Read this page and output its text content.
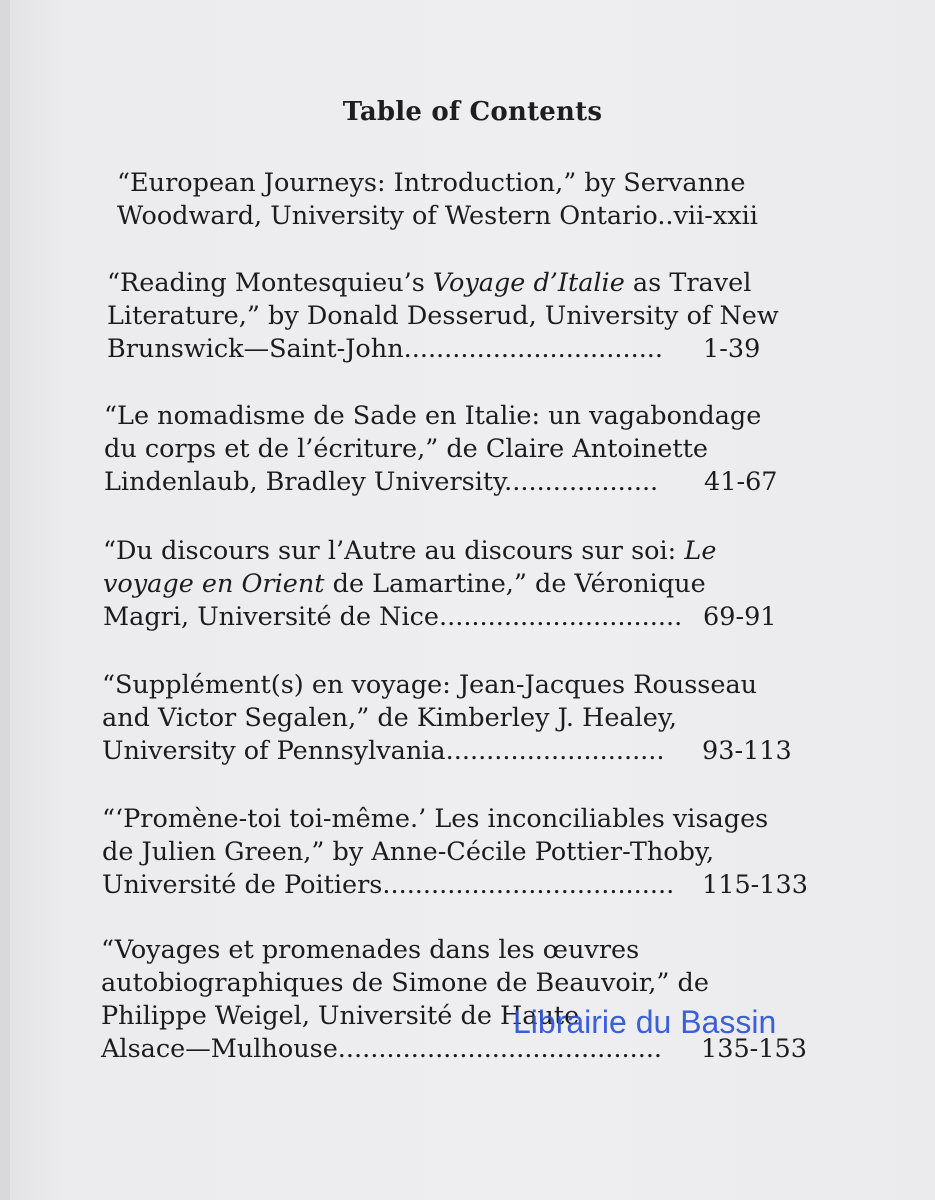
Table of Contents
“European Journeys: Introduction,” by Servanne
Woodward, University of Western Ontario..vii-xxii
“Reading Montesquieu’s Voyage d’Italie as Travel
Literature,” by Donald Desserud, University of New
Brunswick—Saint-John................................ 1-39
“Le nomadisme de Sade en Italie: un vagabondage
du corps et de l’écriture,” de Claire Antoinette
Lindenlaub, Bradley University................... 41-67
“Du discours sur l’Autre au discours sur soi: Le
voyage en Orient de Lamartine,” de Véronique
Magri, Université de Nice.............................. 69-91
“Supplément(s) en voyage: Jean-Jacques Rousseau
and Victor Segalen,” de Kimberley J. Healey,
University of Pennsylvania........................... 93-113
“‘Promène-toi toi-même.’ Les inconciliables visages
de Julien Green,” by Anne-Cécile Pottier-Thoby,
Université de Poitiers.................................... 115-133
“Voyages et promenades dans les œuvres
autobiographiques de Simone de Beauvoir,” de
Philippe Weigel, Université de Haute
Alsace—Mulhouse........................................ 135-153
Librairie du Bassin
